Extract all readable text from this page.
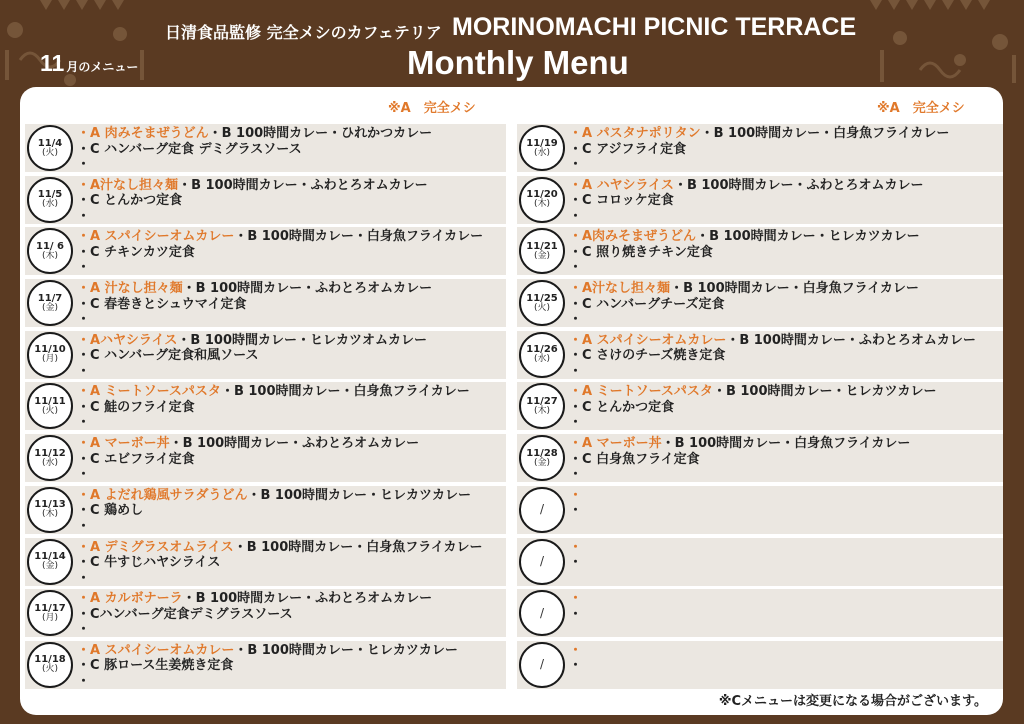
日清食品監修 完全メシのカフェテリア MORINOMACHI PICNIC TERRACE
Monthly Menu
11 月のメニュー
※A　完全メシ	※A　完全メシ
11/4
(火)
・A 肉みそまぜうどん ・B 100時間カレー・ひれかつカレー
・C ハンバーグ定食 デミグラスソース
・
11/5
(水)
・A汁なし担々麺 ・B 100時間カレー・ふわとろオムカレー
・C とんかつ定食
・
11/ 6
(木)
・A スパイシーオムカレー ・B 100時間カレー・白身魚フライカレー
・C チキンカツ定食
・
11/7
(金)
・A 汁なし担々麺 ・B 100時間カレー・ふわとろオムカレー
・C 春巻きとシュウマイ定食
・
11/10
(月)
・Aハヤシライス ・B 100時間カレー・ヒレカツオムカレー
・C ハンバーグ定食和風ソース
・
11/11
(火)
・A ミートソースパスタ ・B 100時間カレー・白身魚フライカレー
・C 鮭のフライ定食
・
11/12
(水)
・A マーボー丼 ・B 100時間カレー・ふわとろオムカレー
・C エビフライ定食
・
11/13
(木)
・A よだれ鶏風サラダうどん ・B 100時間カレー・ヒレカツカレー
・C 鶏めし
・
11/14
(金)
・A デミグラスオムライス ・B 100時間カレー・白身魚フライカレー
・C 牛すじハヤシライス
・
11/17
(月)
・A カルボナーラ ・B 100時間カレー・ふわとろオムカレー
・Cハンバーグ定食デミグラスソース
・
11/18
(火)
・A スパイシーオムカレー ・B 100時間カレー・ヒレカツカレー
・C 豚ロース生姜焼き定食
・
11/19
(水)
・A パスタナポリタン ・B 100時間カレー・白身魚フライカレー
・C アジフライ定食
・
11/20
(木)
・A ハヤシライス ・B 100時間カレー・ふわとろオムカレー
・C コロッケ定食
・
11/21
(金)
・A肉みそまぜうどん ・B 100時間カレー・ヒレカツカレー
・C 照り焼きチキン定食
・
11/25
(火)
・A汁なし担々麺 ・B 100時間カレー・白身魚フライカレー
・C ハンバーグチーズ定食
・
11/26
(水)
・A スパイシーオムカレー ・B 100時間カレー・ふわとろオムカレー
・C さけのチーズ焼き定食
・
11/27
(木)
・A ミートソースパスタ ・B 100時間カレー・ヒレカツカレー
・C とんかつ定食
・
11/28
(金)
・A マーボー丼 ・B 100時間カレー・白身魚フライカレー
・C 白身魚フライ定食
・
/
・
・
/
・
・
/
・
・
/
・
・
※Cメニューは変更になる場合がございます。
